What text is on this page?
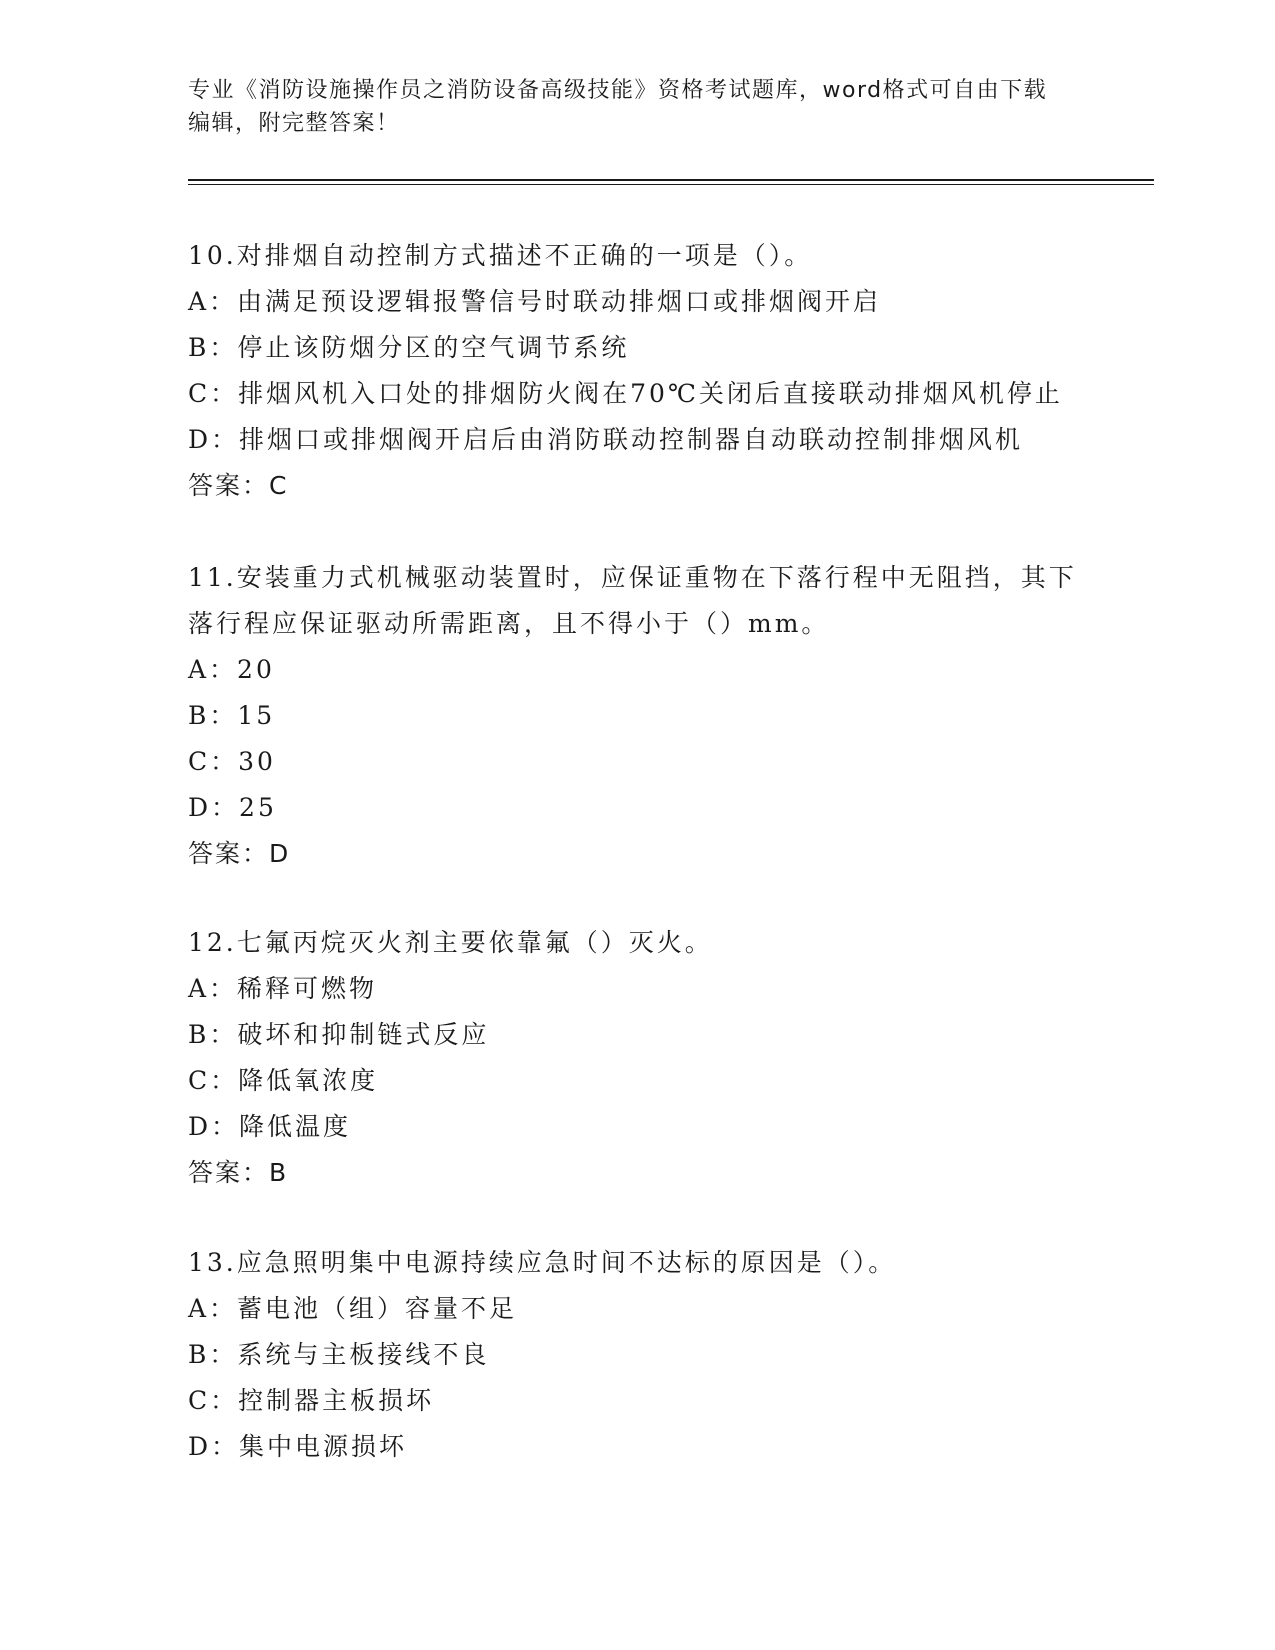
专业《消防设施操作员之消防设备高级技能》资格考试题库，word格式可自由下载编辑，附完整答案！

10.对排烟自动控制方式描述不正确的一项是（）。

A：由满足预设逻辑报警信号时联动排烟口或排烟阀开启

B：停止该防烟分区的空气调节系统

C：排烟风机入口处的排烟防火阀在70℃关闭后直接联动排烟风机停止

D：排烟口或排烟阀开启后由消防联动控制器自动联动控制排烟风机

答案：C

11.安装重力式机械驱动装置时，应保证重物在下落行程中无阻挡，其下落行程应保证驱动所需距离，且不得小于（）mm。

A：20

B：15

C：30

D：25

答案：D

12.七氟丙烷灭火剂主要依靠氟（）灭火。

A：稀释可燃物

B：破坏和抑制链式反应

C：降低氧浓度

D：降低温度

答案：B

13.应急照明集中电源持续应急时间不达标的原因是（）。

A：蓄电池（组）容量不足

B：系统与主板接线不良

C：控制器主板损坏

D：集中电源损坏
